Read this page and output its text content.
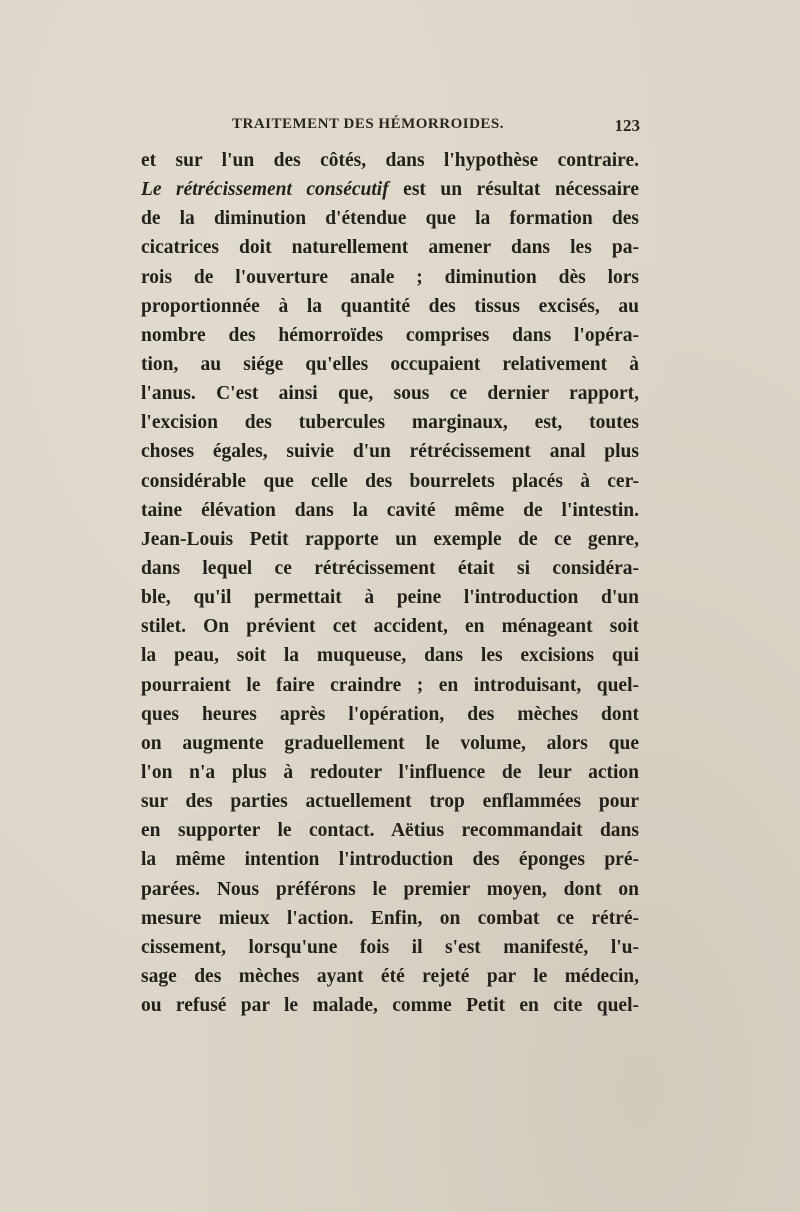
TRAITEMENT DES HÉMORROIDES.	123
et sur l'un des côtés, dans l'hypothèse contraire.
Le rétrécissement consécutif est un résultat nécessaire
de la diminution d'étendue que la formation des
cicatrices doit naturellement amener dans les pa-
rois de l'ouverture anale ; diminution dès lors
proportionnée à la quantité des tissus excisés, au
nombre des hémorroïdes comprises dans l'opéra-
tion, au siége qu'elles occupaient relativement à
l'anus. C'est ainsi que, sous ce dernier rapport,
l'excision des tubercules marginaux, est, toutes
choses égales, suivie d'un rétrécissement anal plus
considérable que celle des bourrelets placés à cer-
taine élévation dans la cavité même de l'intestin.
Jean-Louis Petit rapporte un exemple de ce genre,
dans lequel ce rétrécissement était si considéra-
ble, qu'il permettait à peine l'introduction d'un
stilet. On prévient cet accident, en ménageant soit
la peau, soit la muqueuse, dans les excisions qui
pourraient le faire craindre ; en introduisant, quel-
ques heures après l'opération, des mèches dont
on augmente graduellement le volume, alors que
l'on n'a plus à redouter l'influence de leur action
sur des parties actuellement trop enflammées pour
en supporter le contact. Aëtius recommandait dans
la même intention l'introduction des éponges pré-
parées. Nous préférons le premier moyen, dont on
mesure mieux l'action. Enfin, on combat ce rétré-
cissement, lorsqu'une fois il s'est manifesté, l'u-
sage des mèches ayant été rejeté par le médecin,
ou refusé par le malade, comme Petit en cite quel-
